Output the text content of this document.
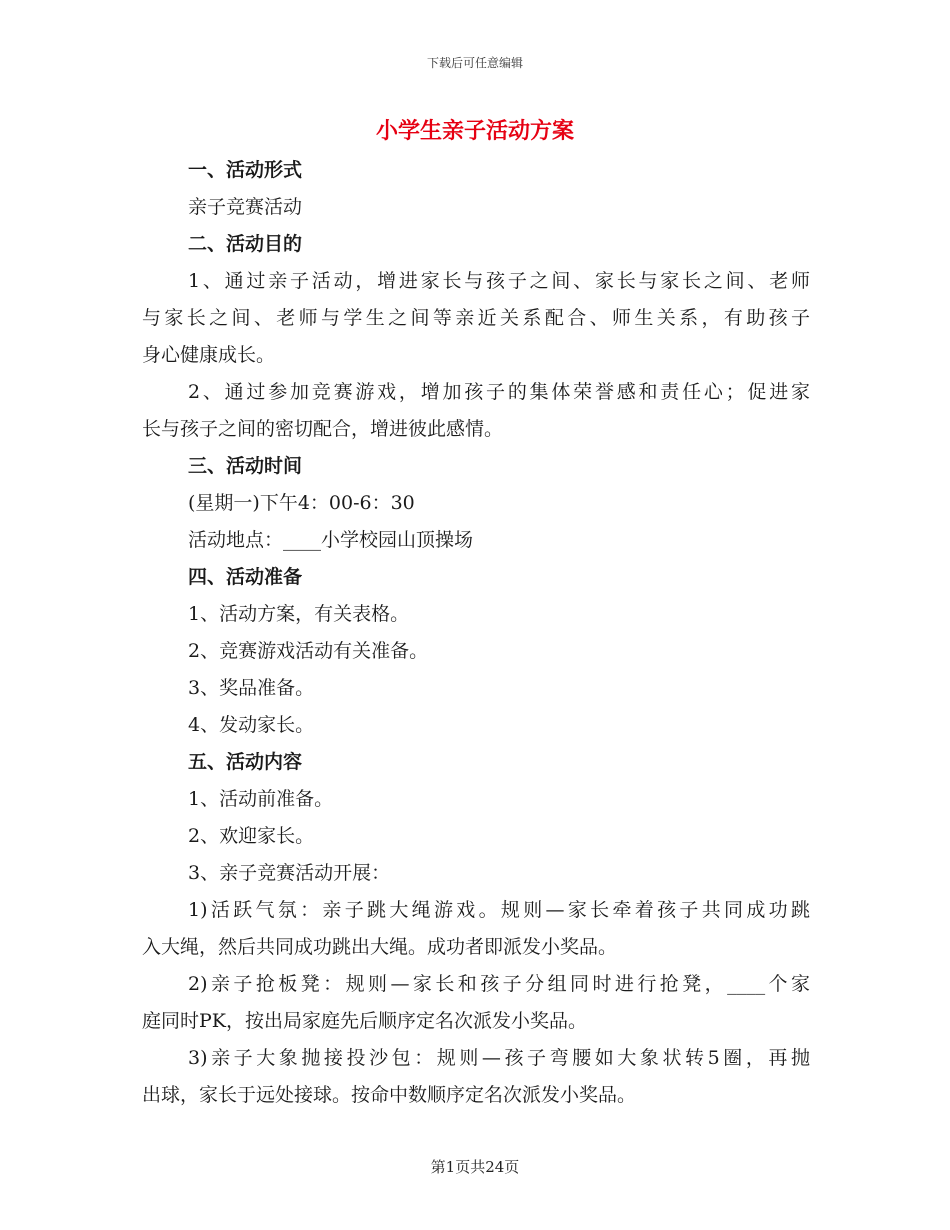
下载后可任意编辑
小学生亲子活动方案
一、活动形式
亲子竞赛活动
二、活动目的
1、通过亲子活动，增进家长与孩子之间、家长与家长之间、老师
与家长之间、老师与学生之间等亲近关系配合、师生关系，有助孩子
身心健康成长。
2、通过参加竞赛游戏，增加孩子的集体荣誉感和责任心；促进家
长与孩子之间的密切配合，增进彼此感情。
三、活动时间
(星期一)下午4：00-6：30
活动地点：____小学校园山顶操场
四、活动准备
1、活动方案，有关表格。
2、竞赛游戏活动有关准备。
3、奖品准备。
4、发动家长。
五、活动内容
1、活动前准备。
2、欢迎家长。
3、亲子竞赛活动开展：
1)活跃气氛：亲子跳大绳游戏。规则—家长牵着孩子共同成功跳
入大绳，然后共同成功跳出大绳。成功者即派发小奖品。
2)亲子抢板凳：规则—家长和孩子分组同时进行抢凳，____个家
庭同时PK，按出局家庭先后顺序定名次派发小奖品。
3)亲子大象抛接投沙包：规则—孩子弯腰如大象状转5圈，再抛
出球，家长于远处接球。按命中数顺序定名次派发小奖品。
第1页共24页
